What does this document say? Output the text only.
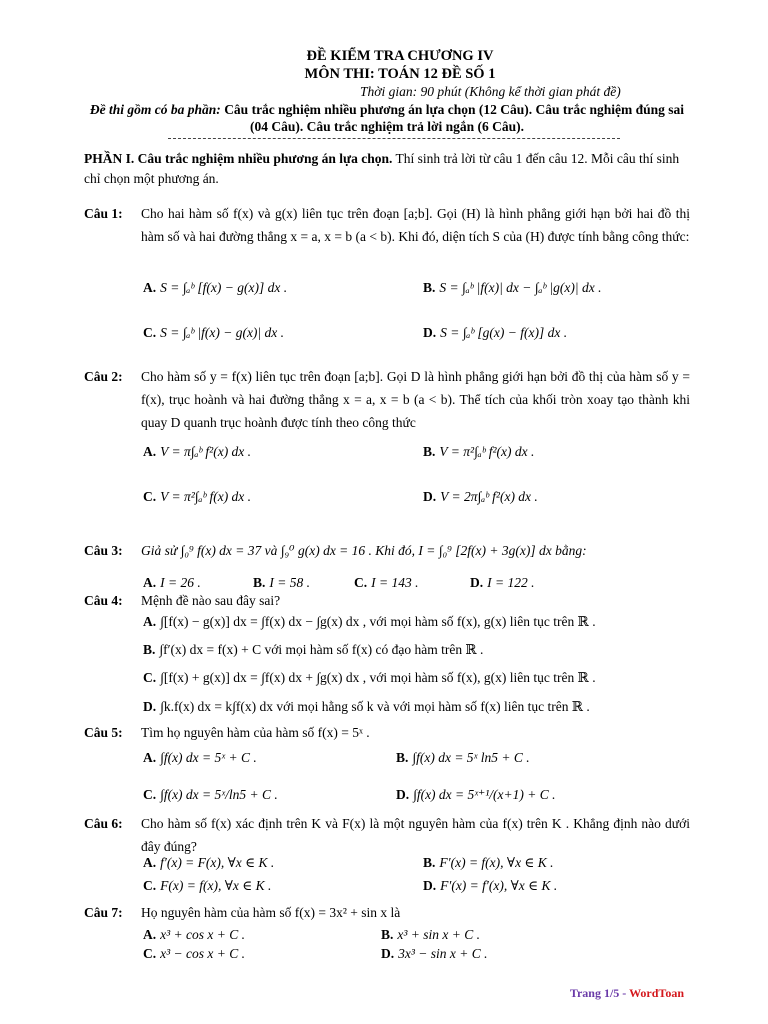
ĐỀ KIỂM TRA CHƯƠNG IV
MÔN THI: TOÁN 12 ĐỀ SỐ 1
Thời gian: 90 phút (Không kể thời gian phát đề)
Đề thi gồm có ba phần: Câu trắc nghiệm nhiều phương án lựa chọn (12 Câu). Câu trắc nghiệm đúng sai (04 Câu). Câu trắc nghiệm trả lời ngắn (6 Câu).
PHẦN I. Câu trắc nghiệm nhiều phương án lựa chọn. Thí sinh trả lời từ câu 1 đến câu 12. Mỗi câu thí sinh chỉ chọn một phương án.
Câu 1: Cho hai hàm số f(x) và g(x) liên tục trên đoạn [a;b]. Gọi (H) là hình phẳng giới hạn bởi hai đồ thị hàm số và hai đường thẳng x = a, x = b (a < b). Khi đó, diện tích S của (H) được tính bằng công thức:
A. S = ∫ₐᵇ [f(x) − g(x)] dx .	B. S = ∫ₐᵇ |f(x)| dx − ∫ₐᵇ |g(x)| dx .
C. S = ∫ₐᵇ |f(x) − g(x)| dx .	D. S = ∫ₐᵇ [g(x) − f(x)] dx .
Câu 2: Cho hàm số y = f(x) liên tục trên đoạn [a;b]. Gọi D là hình phẳng giới hạn bởi đồ thị của hàm số y = f(x), trục hoành và hai đường thẳng x = a, x = b (a < b). Thể tích của khối tròn xoay tạo thành khi quay D quanh trục hoành được tính theo công thức
A. V = π∫ₐᵇ f²(x) dx .	B. V = π²∫ₐᵇ f²(x) dx .
C. V = π²∫ₐᵇ f(x) dx .	D. V = 2π∫ₐᵇ f²(x) dx .
Câu 3: Giả sử ∫₀⁹ f(x) dx = 37 và ∫₉⁰ g(x) dx = 16 . Khi đó, I = ∫₀⁹ [2f(x) + 3g(x)] dx bằng:
A. I = 26 .	B. I = 58 .	C. I = 143 .	D. I = 122 .
Câu 4: Mệnh đề nào sau đây sai?
A. ∫[f(x) − g(x)] dx = ∫f(x) dx − ∫g(x) dx , với mọi hàm số f(x), g(x) liên tục trên ℝ .
B. ∫f′(x) dx = f(x) + C với mọi hàm số f(x) có đạo hàm trên ℝ .
C. ∫[f(x) + g(x)] dx = ∫f(x) dx + ∫g(x) dx , với mọi hàm số f(x), g(x) liên tục trên ℝ .
D. ∫k.f(x) dx = k∫f(x) dx với mọi hằng số k và với mọi hàm số f(x) liên tục trên ℝ .
Câu 5: Tìm họ nguyên hàm của hàm số f(x) = 5ˣ .
A. ∫f(x) dx = 5ˣ + C .	B. ∫f(x) dx = 5ˣ ln5 + C .
C. ∫f(x) dx = 5ˣ/ln5 + C .	D. ∫f(x) dx = 5ˣ⁺¹/(x+1) + C .
Câu 6: Cho hàm số f(x) xác định trên K và F(x) là một nguyên hàm của f(x) trên K . Khẳng định nào dưới đây đúng?
A. f′(x) = F(x), ∀x ∈ K .	B. F′(x) = f(x), ∀x ∈ K .
C. F(x) = f(x), ∀x ∈ K .	D. F′(x) = f′(x), ∀x ∈ K .
Câu 7: Họ nguyên hàm của hàm số f(x) = 3x² + sin x là
A. x³ + cos x + C .	B. x³ + sin x + C .
C. x³ − cos x + C .	D. 3x³ − sin x + C .
Trang 1/5 - WordToan
